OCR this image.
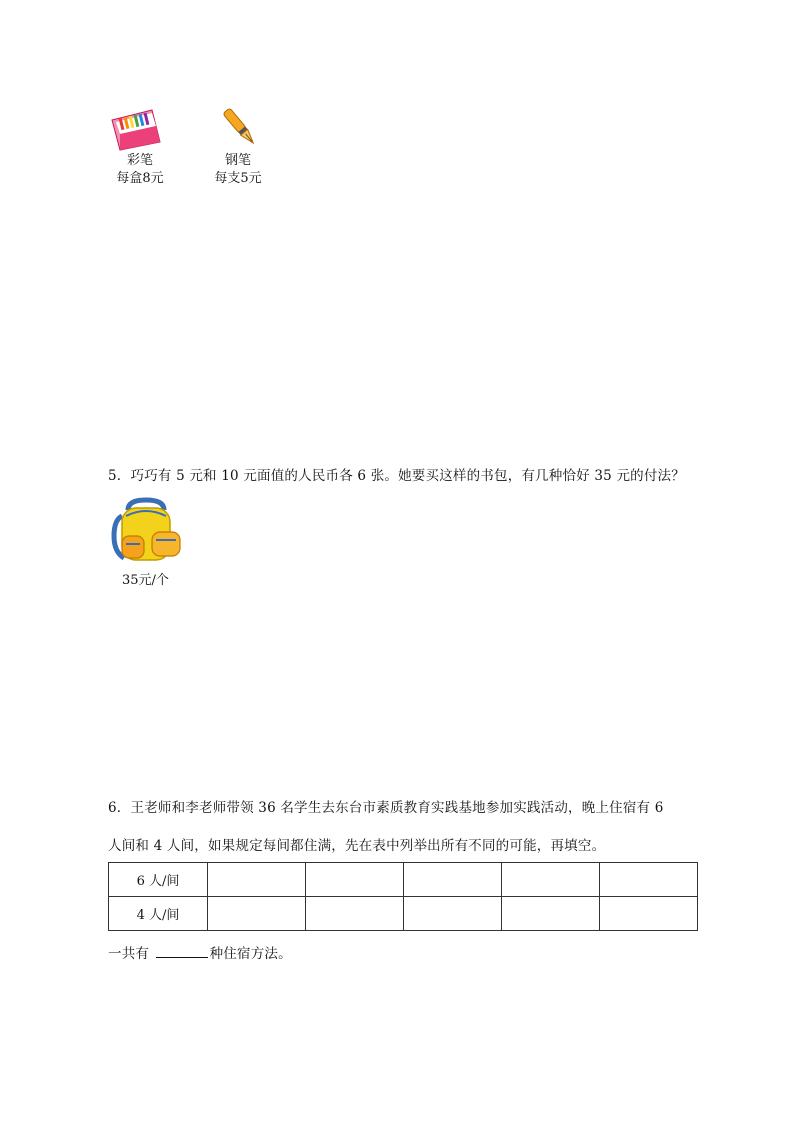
彩笔
每盒8元
钢笔
每支5元
5．巧巧有 5 元和 10 元面值的人民币各 6 张。她要买这样的书包，有几种恰好 35 元的付法？
35元/个
6．王老师和李老师带领 36 名学生去东台市素质教育实践基地参加实践活动，晚上住宿有 6
人间和 4 人间，如果规定每间都住满，先在表中列举出所有不同的可能，再填空。
6 人/间					
4 人/间					
一共有	种住宿方法。
